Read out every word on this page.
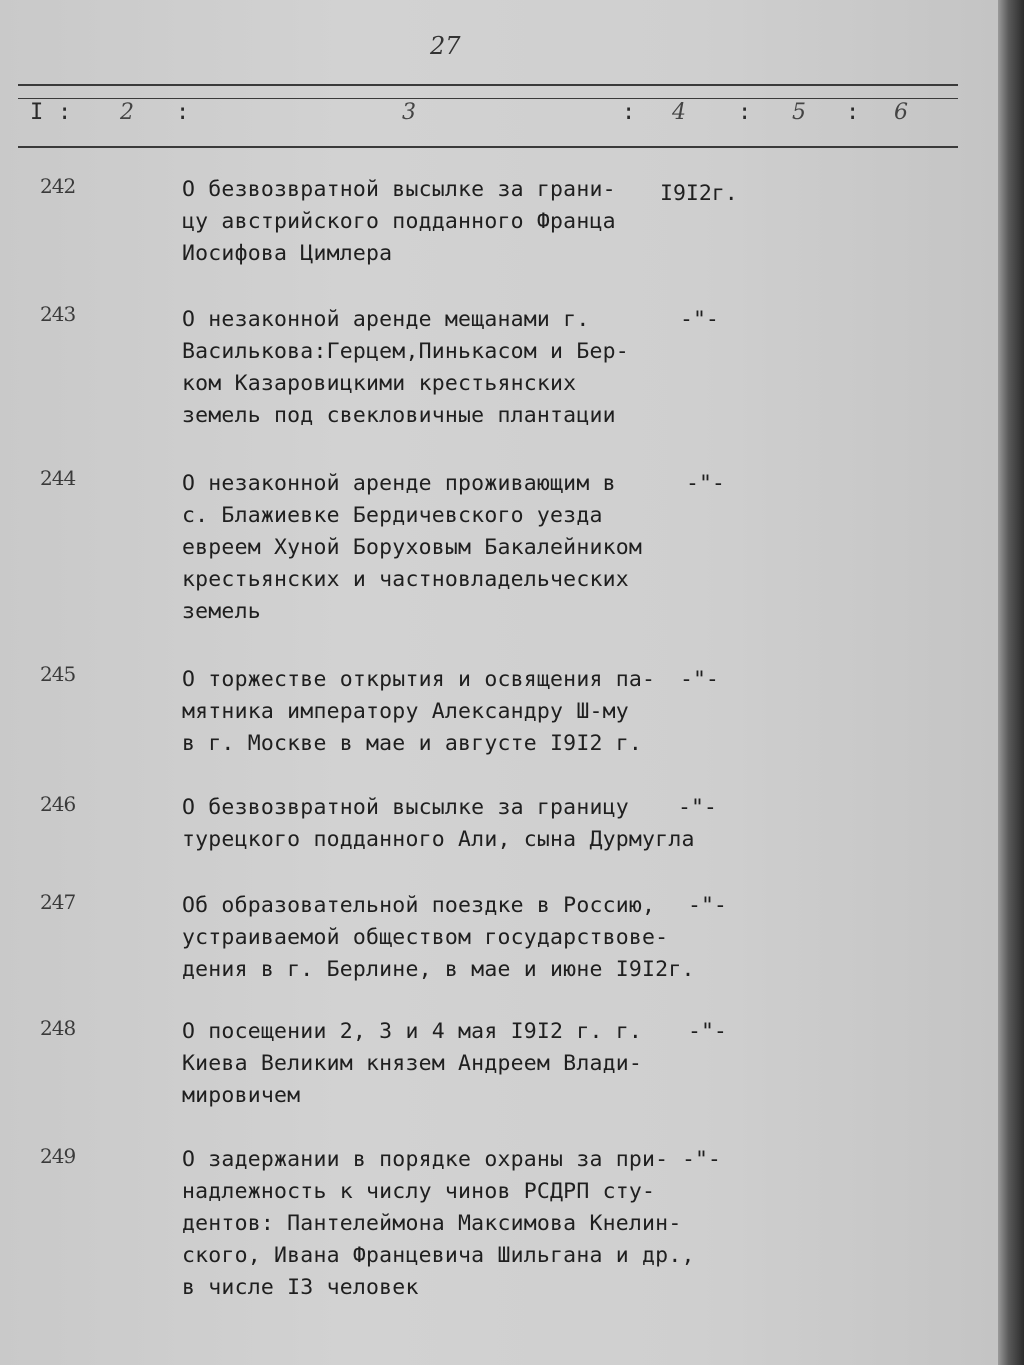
27
I : 2 :	3	: 4 : 5 : 6
242	О безвозвратной высылке за грани-
цу австрийского подданного Франца
Иосифова Цимлера
I9I2г.
243	О незаконной аренде мещанами г.
Василькова:Герцем,Пинькасом и Бер-
ком Казаровицкими крестьянских
земель под свекловичные плантации
-"-
244	О незаконной аренде проживающим в
с. Блажиевке Бердичевского уезда
евреем Хуной Боруховым Бакалейником
крестьянских и частновладельческих
земель
-"-
245	О торжестве открытия и освящения па-
мятника императору Александру Ш-му
в г. Москве в мае и августе I9I2 г.
-"-
246	О безвозвратной высылке за границу
турецкого подданного Али, сына Дурмугла
-"-
247	Об образовательной поездке в Россию,
устраиваемой обществом государствове-
дения в г. Берлине, в мае и июне I9I2г.
-"-
248	О посещении 2, 3 и 4 мая I9I2 г. г.
Киева Великим князем Андреем Влади-
мировичем
-"-
249	О задержании в порядке охраны за при-
надлежность к числу чинов РСДРП сту-
дентов: Пантелеймона Максимова Кнелин-
ского, Ивана Францевича Шильгана и др.,
в числе I3 человек
-"-
